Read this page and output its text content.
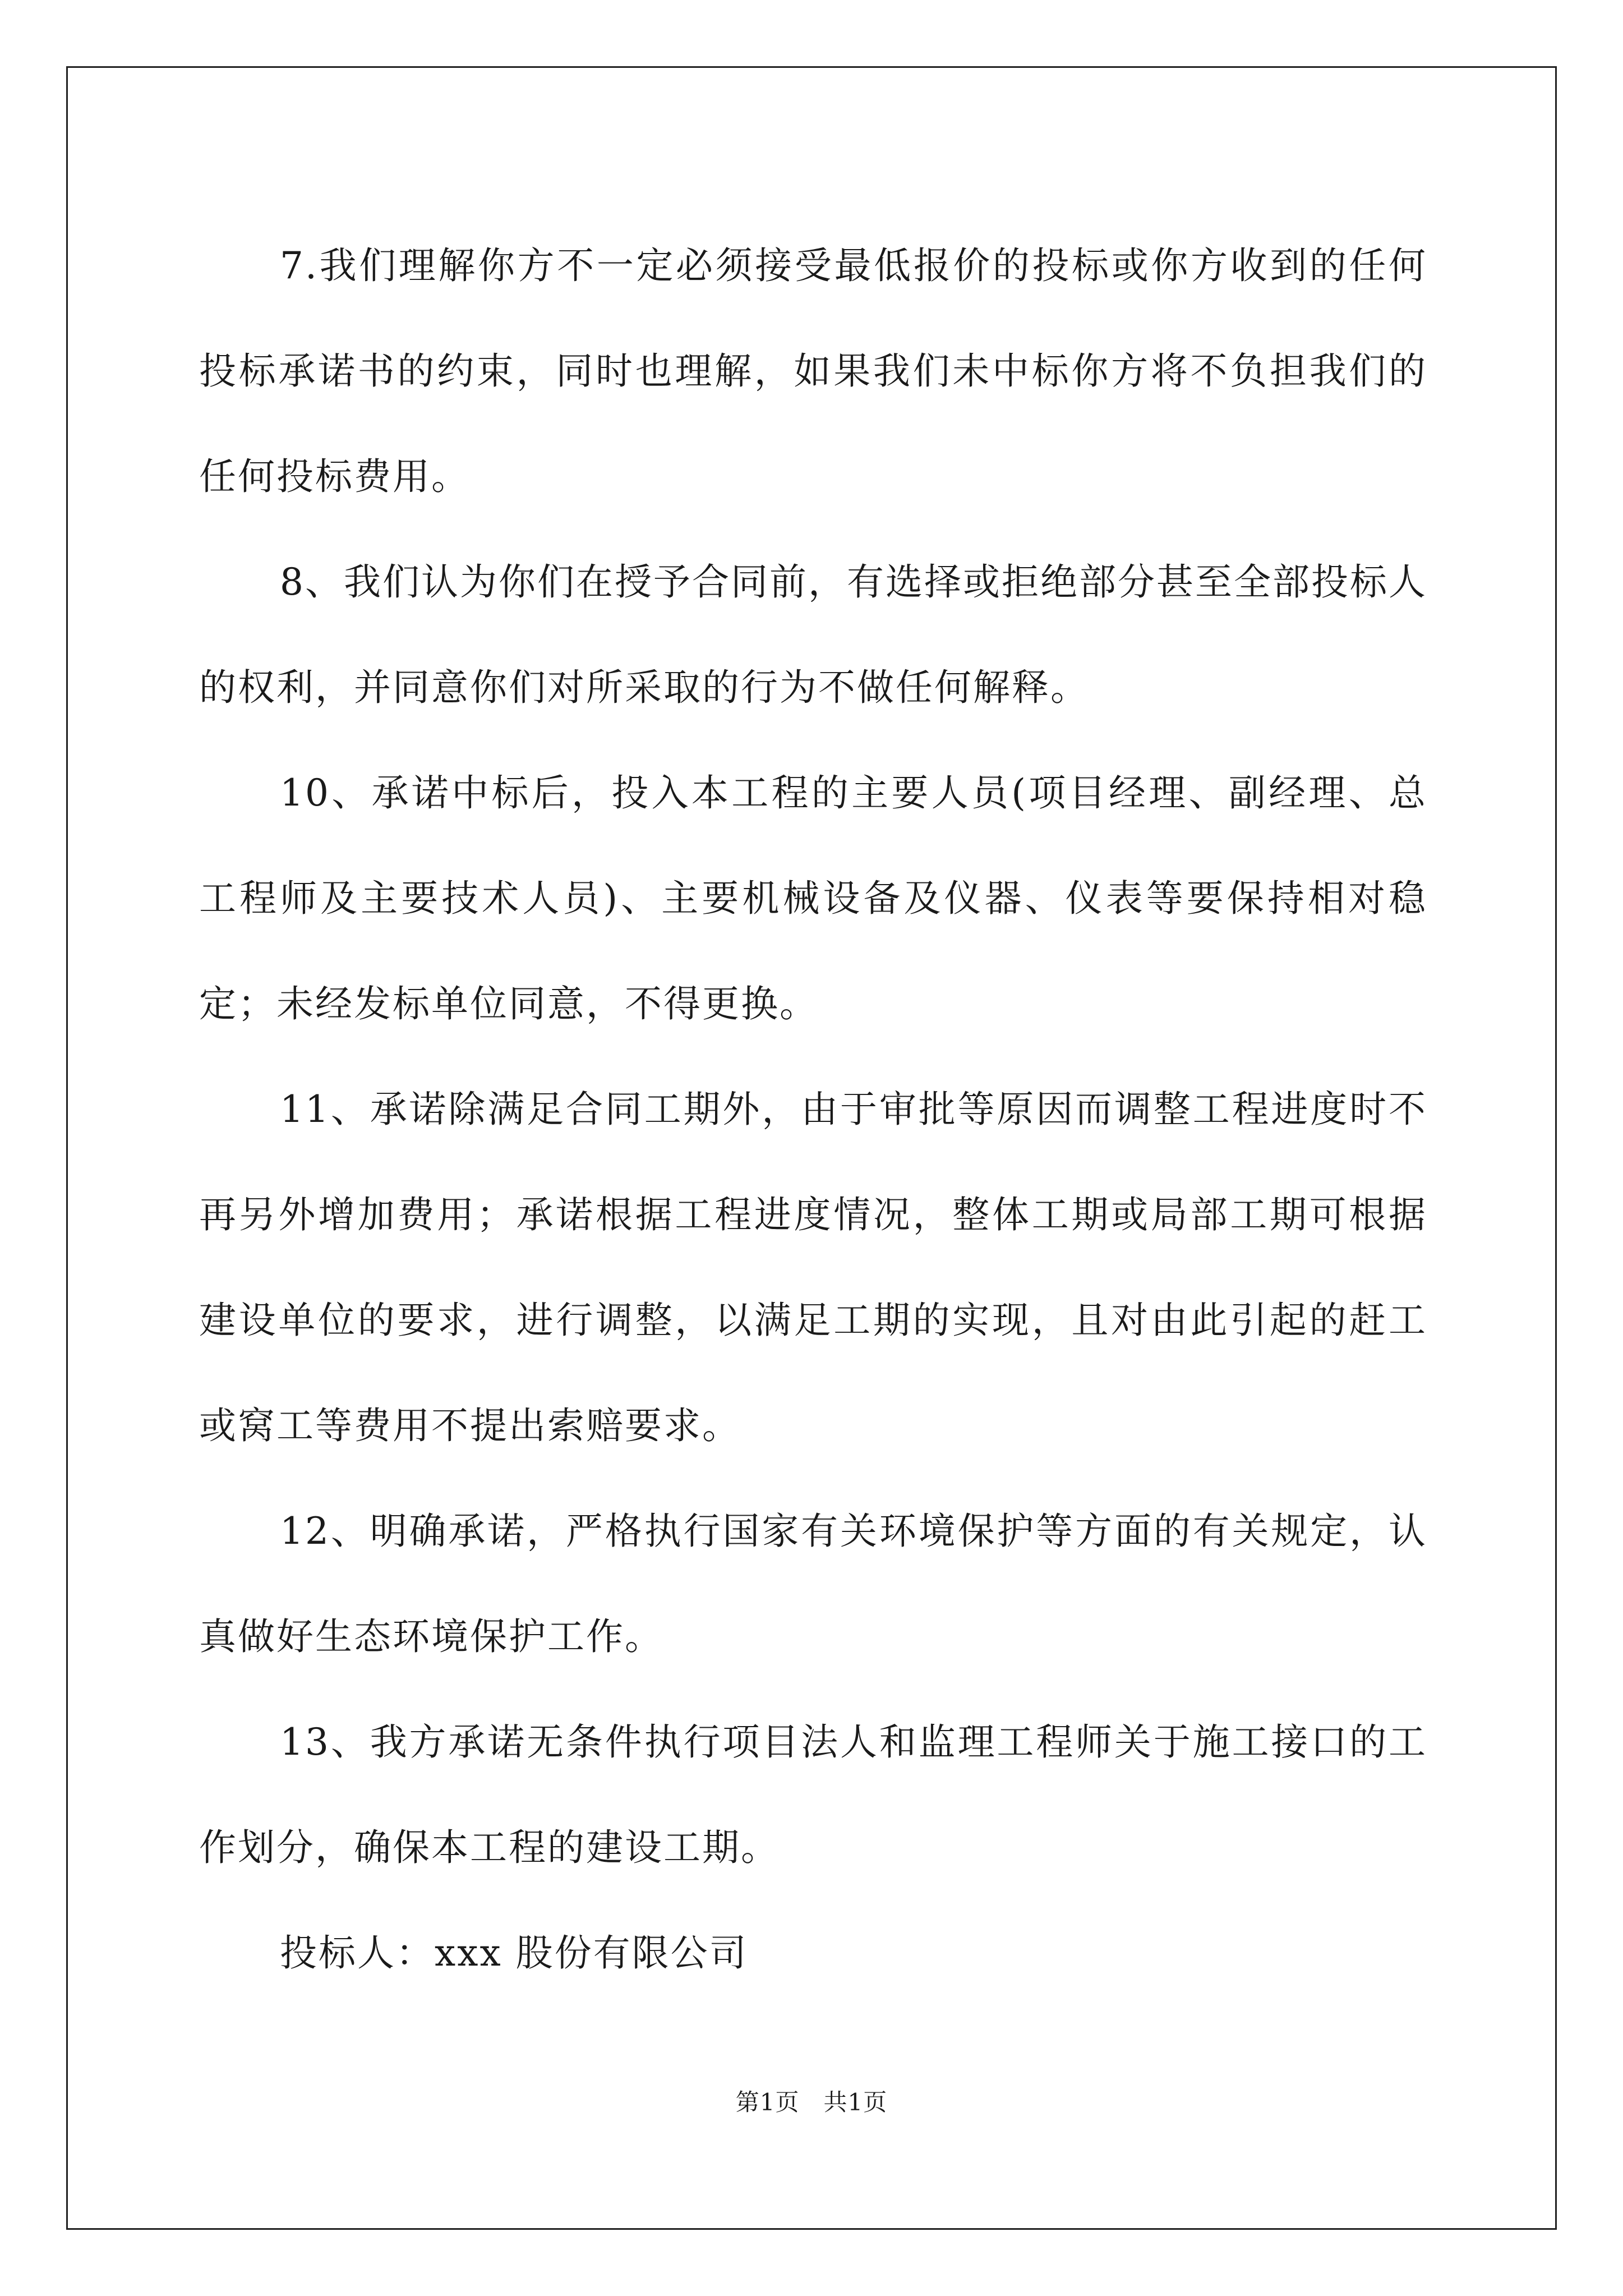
7.我们理解你方不一定必须接受最低报价的投标或你方收到的任何投标承诺书的约束，同时也理解，如果我们未中标你方将不负担我们的任何投标费用。

8、我们认为你们在授予合同前，有选择或拒绝部分甚至全部投标人的权利，并同意你们对所采取的行为不做任何解释。

10、承诺中标后，投入本工程的主要人员(项目经理、副经理、总工程师及主要技术人员)、主要机械设备及仪器、仪表等要保持相对稳定；未经发标单位同意，不得更换。

11、承诺除满足合同工期外，由于审批等原因而调整工程进度时不再另外增加费用；承诺根据工程进度情况，整体工期或局部工期可根据建设单位的要求，进行调整，以满足工期的实现，且对由此引起的赶工或窝工等费用不提出索赔要求。

12、明确承诺，严格执行国家有关环境保护等方面的有关规定，认真做好生态环境保护工作。

13、我方承诺无条件执行项目法人和监理工程师关于施工接口的工作划分，确保本工程的建设工期。

投标人：xxx 股份有限公司

第1页　共1页
